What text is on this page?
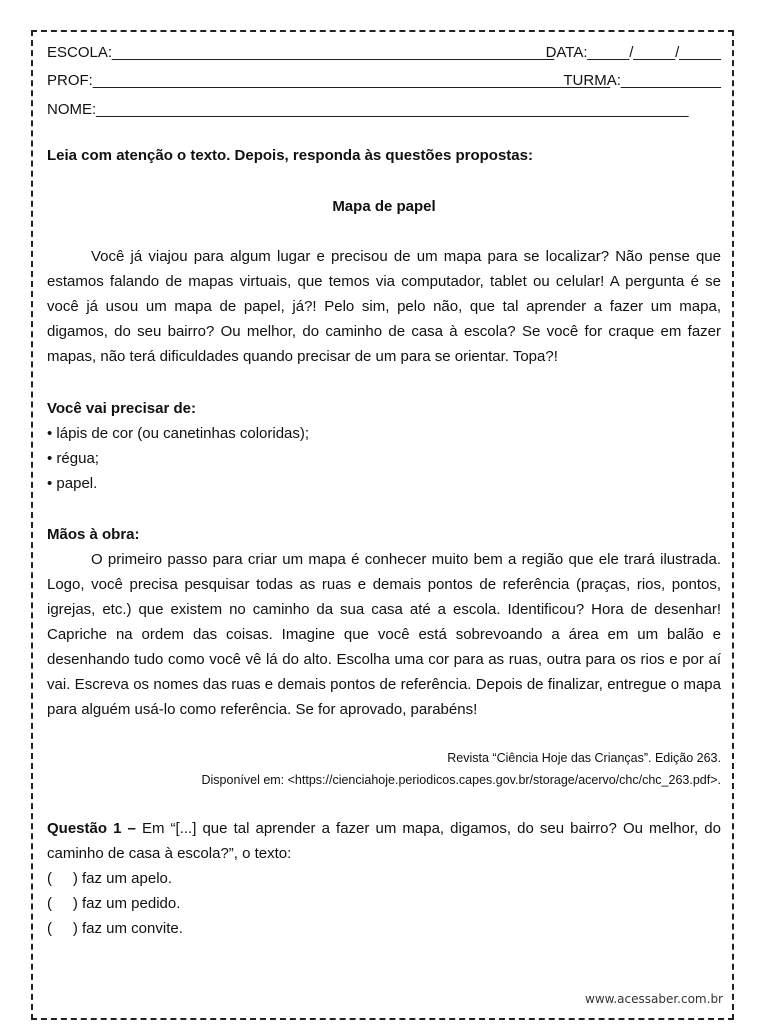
ESCOLA:_____________________________________________________
DATA:_____/_____/_____
PROF:______________________________________________________________
TURMA:____________
NOME:_______________________________________________________________________
Leia com atenção o texto. Depois, responda às questões propostas:
Mapa de papel

Você já viajou para algum lugar e precisou de um mapa para se localizar? Não pense que estamos falando de mapas virtuais, que temos via computador, tablet ou celular! A pergunta é se você já usou um mapa de papel, já?! Pelo sim, pelo não, que tal aprender a fazer um mapa, digamos, do seu bairro? Ou melhor, do caminho de casa à escola? Se você for craque em fazer mapas, não terá dificuldades quando precisar de um para se orientar. Topa?!

Você vai precisar de:
• lápis de cor (ou canetinhas coloridas);
• régua;
• papel.
Mãos à obra:

O primeiro passo para criar um mapa é conhecer muito bem a região que ele trará ilustrada. Logo, você precisa pesquisar todas as ruas e demais pontos de referência (praças, rios, pontos, igrejas, etc.) que existem no caminho da sua casa até a escola. Identificou? Hora de desenhar! Capriche na ordem das coisas. Imagine que você está sobrevoando a área em um balão e desenhando tudo como você vê lá do alto. Escolha uma cor para as ruas, outra para os rios e por aí vai. Escreva os nomes das ruas e demais pontos de referência. Depois de finalizar, entregue o mapa para alguém usá-lo como referência. Se for aprovado, parabéns!

Revista “Ciência Hoje das Crianças”. Edição 263.
Disponível em: <https://cienciahoje.periodicos.capes.gov.br/storage/acervo/chc/chc_263.pdf>.

Questão 1 – Em “[...] que tal aprender a fazer um mapa, digamos, do seu bairro? Ou melhor, do caminho de casa à escola?”, o texto:

(     ) faz um apelo.
(     ) faz um pedido.
(     ) faz um convite.
www.acessaber.com.br
